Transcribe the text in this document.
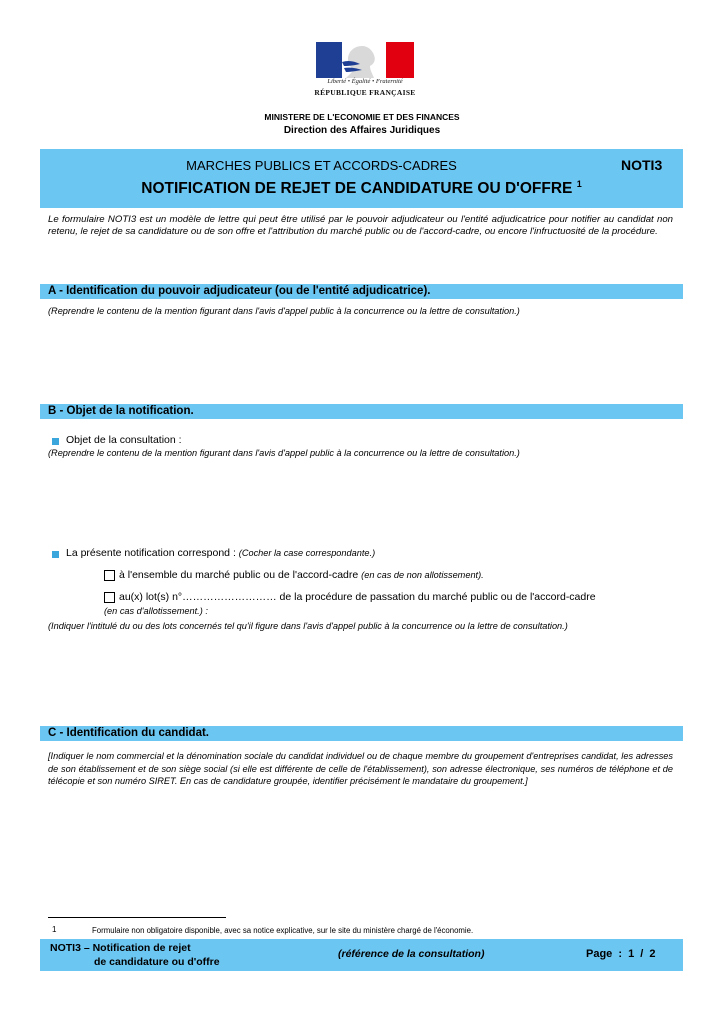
Liberté • Égalité • Fraternité
RÉPUBLIQUE FRANÇAISE
MINISTERE DE L'ECONOMIE ET DES FINANCES
Direction des Affaires Juridiques
MARCHES PUBLICS ET ACCORDS-CADRES
NOTIFICATION DE REJET DE CANDIDATURE OU D'OFFRE $^1$
NOTI3
Le formulaire NOTI3 est un modèle de lettre qui peut être utilisé par le pouvoir adjudicateur ou l'entité adjudicatrice pour notifier au candidat non retenu, le rejet de sa candidature ou de son offre et l'attribution du marché public ou de l'accord-cadre, ou encore l'infructuosité de la procédure.
A - Identification du pouvoir adjudicateur (ou de l'entité adjudicatrice).
(Reprendre le contenu de la mention figurant dans l'avis d'appel public à la concurrence ou la lettre de consultation.)
B - Objet de la notification.
Objet de la consultation :
(Reprendre le contenu de la mention figurant dans l'avis d'appel public à la concurrence ou la lettre de consultation.)
La présente notification correspond : (Cocher la case correspondante.)
à l'ensemble du marché public ou de l'accord-cadre (en cas de non allotissement).
au(x) lot(s) n°……………………… de la procédure de passation du marché public ou de l'accord-cadre
(en cas d'allotissement.) :
(Indiquer l'intitulé du ou des lots concernés tel qu'il figure dans l'avis d'appel public à la concurrence ou la lettre de consultation.)
C - Identification du candidat.
[Indiquer le nom commercial et la dénomination sociale du candidat individuel ou de chaque membre du groupement d'entreprises candidat, les adresses de son établissement et de son siège social (si elle est différente de celle de l'établissement), son adresse électronique, ses numéros de téléphone et de télécopie et son numéro SIRET. En cas de candidature groupée, identifier précisément le mandataire du groupement.]
1	Formulaire non obligatoire disponible, avec sa notice explicative, sur le site du ministère chargé de l'économie.
NOTI3 – Notification de rejet
de candidature ou d'offre
(référence de la consultation)	Page : 1 / 2
